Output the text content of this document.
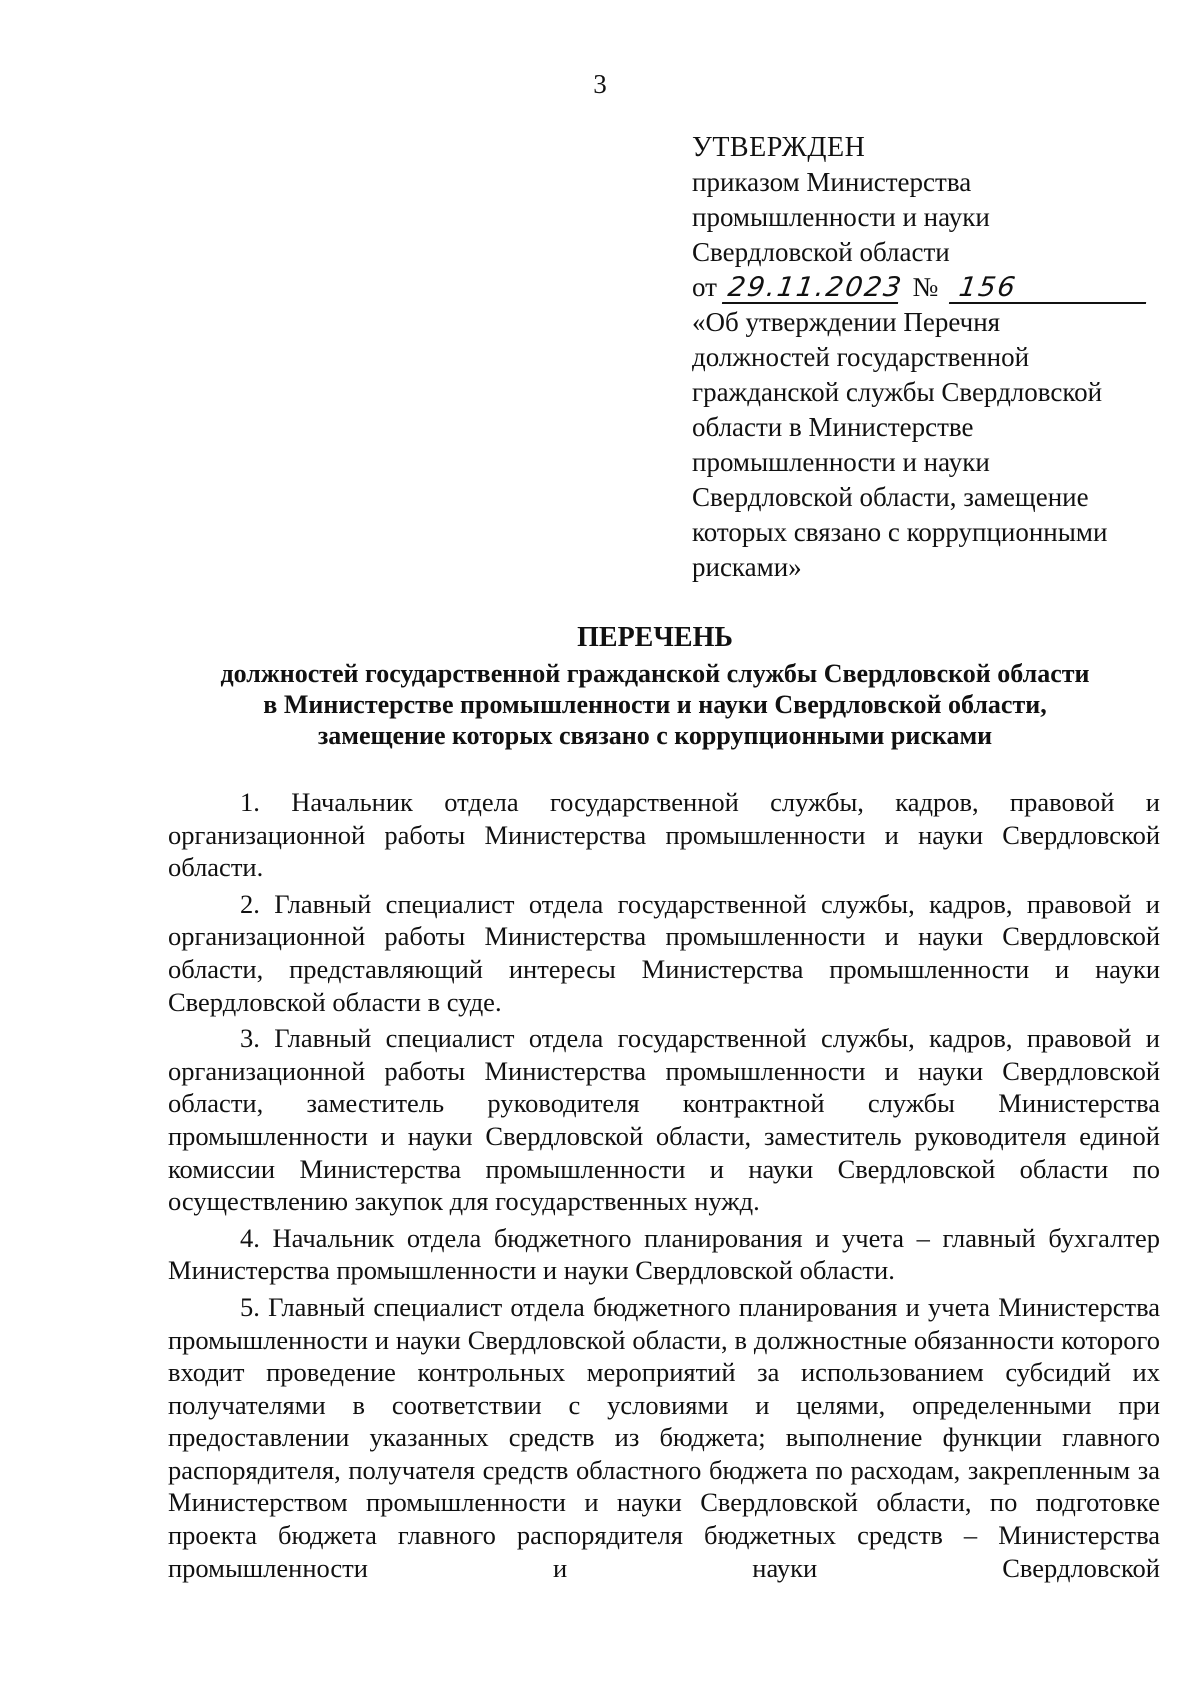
3
УТВЕРЖДЕН
приказом Министерства
промышленности и науки
Свердловской области
от 29.11.2023 № 156
«Об утверждении Перечня
должностей государственной
гражданской службы Свердловской
области в Министерстве
промышленности и науки
Свердловской области, замещение
которых связано с коррупционными
рисками»
ПЕРЕЧЕНЬ
должностей государственной гражданской службы Свердловской области
в Министерстве промышленности и науки Свердловской области,
замещение которых связано с коррупционными рисками

1. Начальник отдела государственной службы, кадров, правовой и организационной работы Министерства промышленности и науки Свердловской области.

2. Главный специалист отдела государственной службы, кадров, правовой и организационной работы Министерства промышленности и науки Свердловской области, представляющий интересы Министерства промышленности и науки Свердловской области в суде.

3. Главный специалист отдела государственной службы, кадров, правовой и организационной работы Министерства промышленности и науки Свердловской области, заместитель руководителя контрактной службы Министерства промышленности и науки Свердловской области, заместитель руководителя единой комиссии Министерства промышленности и науки Свердловской области по осуществлению закупок для государственных нужд.

4. Начальник отдела бюджетного планирования и учета – главный бухгалтер Министерства промышленности и науки Свердловской области.

5. Главный специалист отдела бюджетного планирования и учета Министерства промышленности и науки Свердловской области, в должностные обязанности которого входит проведение контрольных мероприятий за использованием субсидий их получателями в соответствии с условиями и целями, определенными при предоставлении указанных средств из бюджета; выполнение функции главного распорядителя, получателя средств областного бюджета по расходам, закрепленным за Министерством промышленности и науки Свердловской области, по подготовке проекта бюджета главного распорядителя бюджетных средств – Министерства промышленности и науки Свердловской
